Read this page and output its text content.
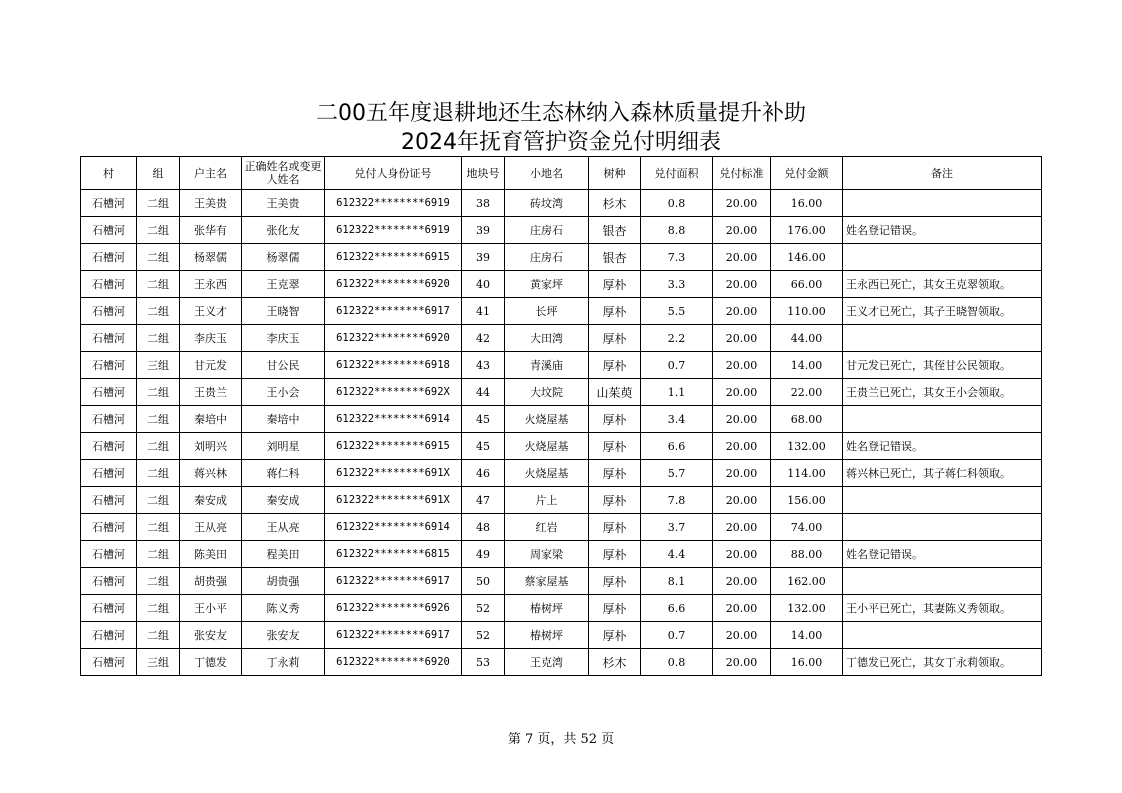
二00五年度退耕地还生态林纳入森林质量提升补助
2024年抚育管护资金兑付明细表
村	组	户主名	正确姓名或变更人姓名	兑付人身份证号	地块号	小地名	树种	兑付面积	兑付标准	兑付金额	备注
石槽河	二组	王美贵	王美贵	612322********6919	38	砖坟湾	杉木	0.8	20.00	16.00	
石槽河	二组	张华有	张化友	612322********6919	39	庄房石	银杏	8.8	20.00	176.00	姓名登记错误。
石槽河	二组	杨翠儒	杨翠儒	612322********6915	39	庄房石	银杏	7.3	20.00	146.00	
石槽河	二组	王永西	王克翠	612322********6920	40	黄家坪	厚朴	3.3	20.00	66.00	王永西已死亡，其女王克翠领取。
石槽河	二组	王义才	王晓智	612322********6917	41	长坪	厚朴	5.5	20.00	110.00	王义才已死亡，其子王晓智领取。
石槽河	二组	李庆玉	李庆玉	612322********6920	42	大田湾	厚朴	2.2	20.00	44.00	
石槽河	三组	甘元发	甘公民	612322********6918	43	青溪庙	厚朴	0.7	20.00	14.00	甘元发已死亡，其侄甘公民领取。
石槽河	二组	王贵兰	王小会	612322********692X	44	大坟院	山茱萸	1.1	20.00	22.00	王贵兰已死亡，其女王小会领取。
石槽河	二组	秦培中	秦培中	612322********6914	45	火烧屋基	厚朴	3.4	20.00	68.00	
石槽河	二组	刘明兴	刘明星	612322********6915	45	火烧屋基	厚朴	6.6	20.00	132.00	姓名登记错误。
石槽河	二组	蒋兴林	蒋仁科	612322********691X	46	火烧屋基	厚朴	5.7	20.00	114.00	蒋兴林已死亡，其子蒋仁科领取。
石槽河	二组	秦安成	秦安成	612322********691X	47	片上	厚朴	7.8	20.00	156.00	
石槽河	二组	王从亮	王从亮	612322********6914	48	红岩	厚朴	3.7	20.00	74.00	
石槽河	二组	陈美田	程美田	612322********6815	49	周家梁	厚朴	4.4	20.00	88.00	姓名登记错误。
石槽河	二组	胡贵强	胡贵强	612322********6917	50	蔡家屋基	厚朴	8.1	20.00	162.00	
石槽河	二组	王小平	陈义秀	612322********6926	52	椿树坪	厚朴	6.6	20.00	132.00	王小平已死亡，其妻陈义秀领取。
石槽河	二组	张安友	张安友	612322********6917	52	椿树坪	厚朴	0.7	20.00	14.00	
石槽河	三组	丁德发	丁永莉	612322********6920	53	王克湾	杉木	0.8	20.00	16.00	丁德发已死亡，其女丁永莉领取。
第 7 页，共 52 页
